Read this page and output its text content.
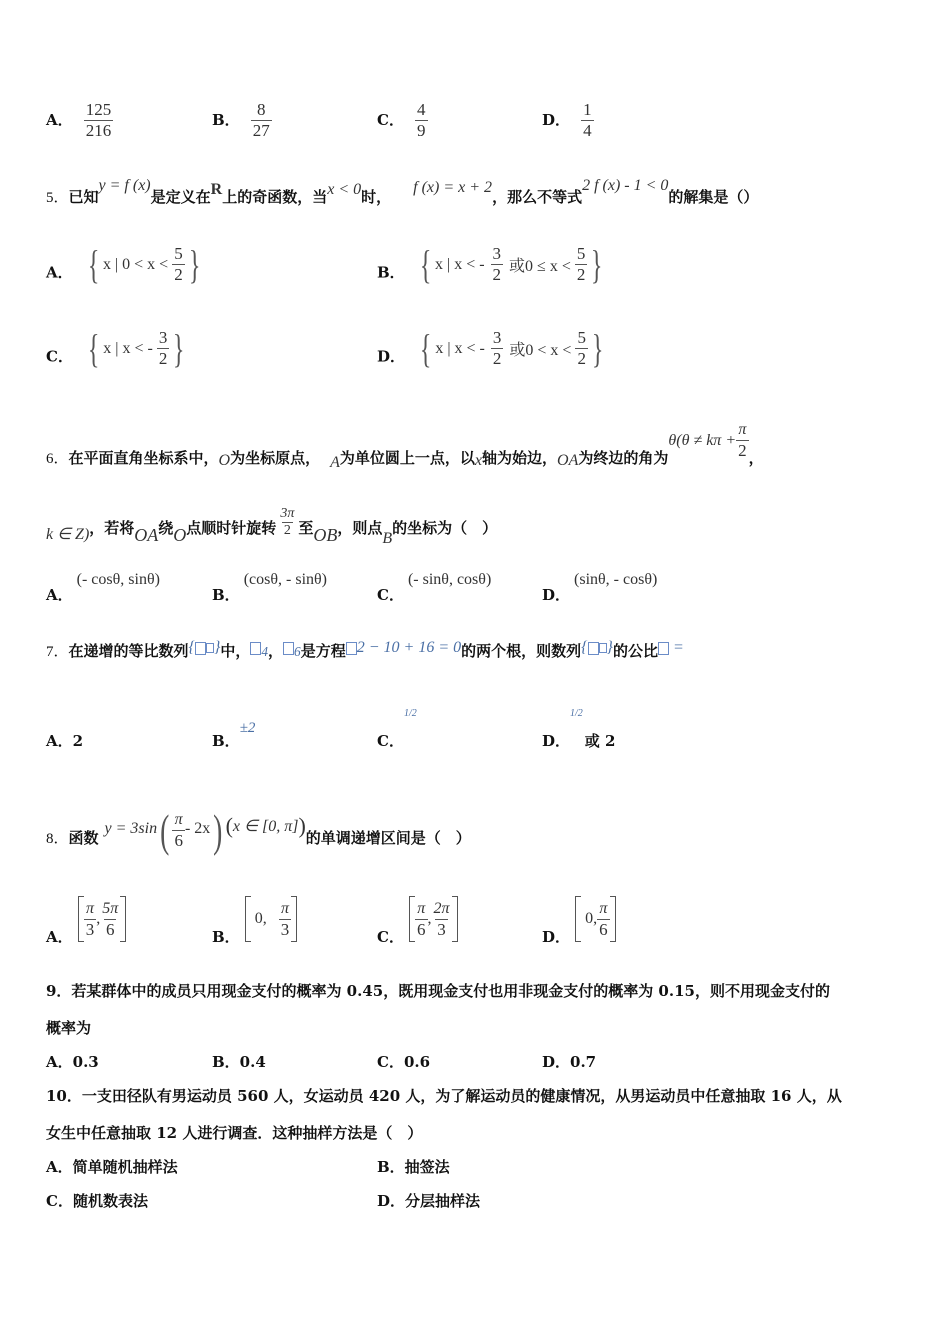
A． $\frac{125}{216}$	B． $\frac{8}{27}$	C． $\frac{4}{9}$	D． $\frac{1}{4}$
5．已知y = f (x)是定义在R上的奇函数，当x < 0时，f (x) = x + 2，那么不等式2 f (x) - 1 < 0的解集是（）
A． { x | $0 < x < \frac{5}{2}$ }	B． { x | x < - $\frac{3}{2}$ 或$0 \le x < \frac{5}{2}$ }
C． { x | x < - $\frac{3}{2}$ }	D． { x | x < - $\frac{3}{2}$ 或$0 < x < \frac{5}{2}$ }
6．在平面直角坐标系中，O为坐标原点， A为单位圆上一点，以x轴为始边，OA为终边的角为$\theta(\theta \ne k\pi + \frac{\pi}{2}$ ，
k ∈ Z)，若将OA绕O点顺时针旋转 $\frac{3\pi}{2}$ 至OB，则点B的坐标为（　）
A．(- cosθ, sinθ)
B．(cosθ, - sinθ)
C．(- sinθ, cosθ)
D．(sinθ, - cosθ)
7．在递增的等比数列{ }中， $_4$， $_6$是方程 2 − 10 + 16 = 0的两个根，则数列{ }的公比 =
A．2	B．±2
C．1/2
D．1/2或 2
8．函数$y = 3\sin( \frac{\pi}{6} - 2x)$ (x ∈ [0, π])的单调递增区间是（　）
A． $\frac{\pi}{3}$ , $\frac{5\pi}{6}$	B．
0, $\frac{\pi}{3}$	C． $\frac{\pi}{6}$ , $\frac{2\pi}{3}$	D．
0, $\frac{\pi}{6}$
9．若某群体中的成员只用现金支付的概率为 0.45，既用现金支付也用非现金支付的概率为 0.15，则不用现金支付的
概率为
A．0.3	B．0.4	C．0.6	D．0.7
10．一支田径队有男运动员 560 人，女运动员 420 人，为了解运动员的健康情况，从男运动员中任意抽取 16 人，从
女生中任意抽取 12 人进行调查．这种抽样方法是（　）
A．简单随机抽样法	B．抽签法
C．随机数表法	D．分层抽样法
